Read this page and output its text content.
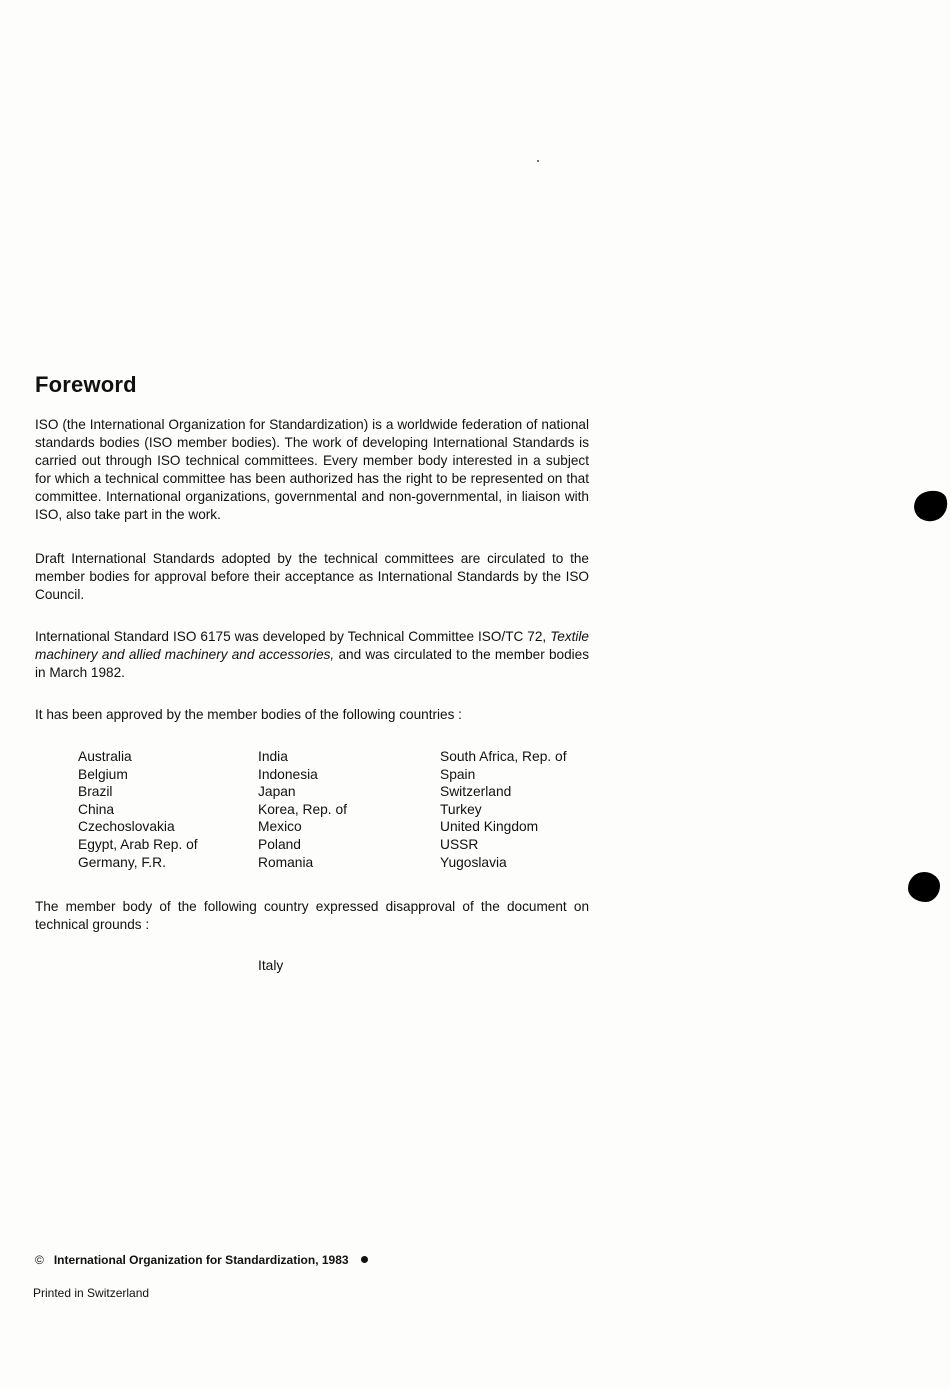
Foreword

ISO (the International Organization for Standardization) is a worldwide federation of national standards bodies (ISO member bodies). The work of developing International Standards is carried out through ISO technical committees. Every member body interested in a subject for which a technical committee has been authorized has the right to be represented on that committee. International organizations, governmental and non-governmental, in liaison with ISO, also take part in the work.

Draft International Standards adopted by the technical committees are circulated to the member bodies for approval before their acceptance as International Standards by the ISO Council.

International Standard ISO 6175 was developed by Technical Committee ISO/TC 72, Textile machinery and allied machinery and accessories, and was circulated to the member bodies in March 1982.

It has been approved by the member bodies of the following countries :

Australia
Belgium
Brazil
China
Czechoslovakia
Egypt, Arab Rep. of
Germany, F.R.
India
Indonesia
Japan
Korea, Rep. of
Mexico
Poland
Romania
South Africa, Rep. of
Spain
Switzerland
Turkey
United Kingdom
USSR
Yugoslavia

The member body of the following country expressed disapproval of the document on technical grounds :

Italy

© International Organization for Standardization, 1983

Printed in Switzerland
